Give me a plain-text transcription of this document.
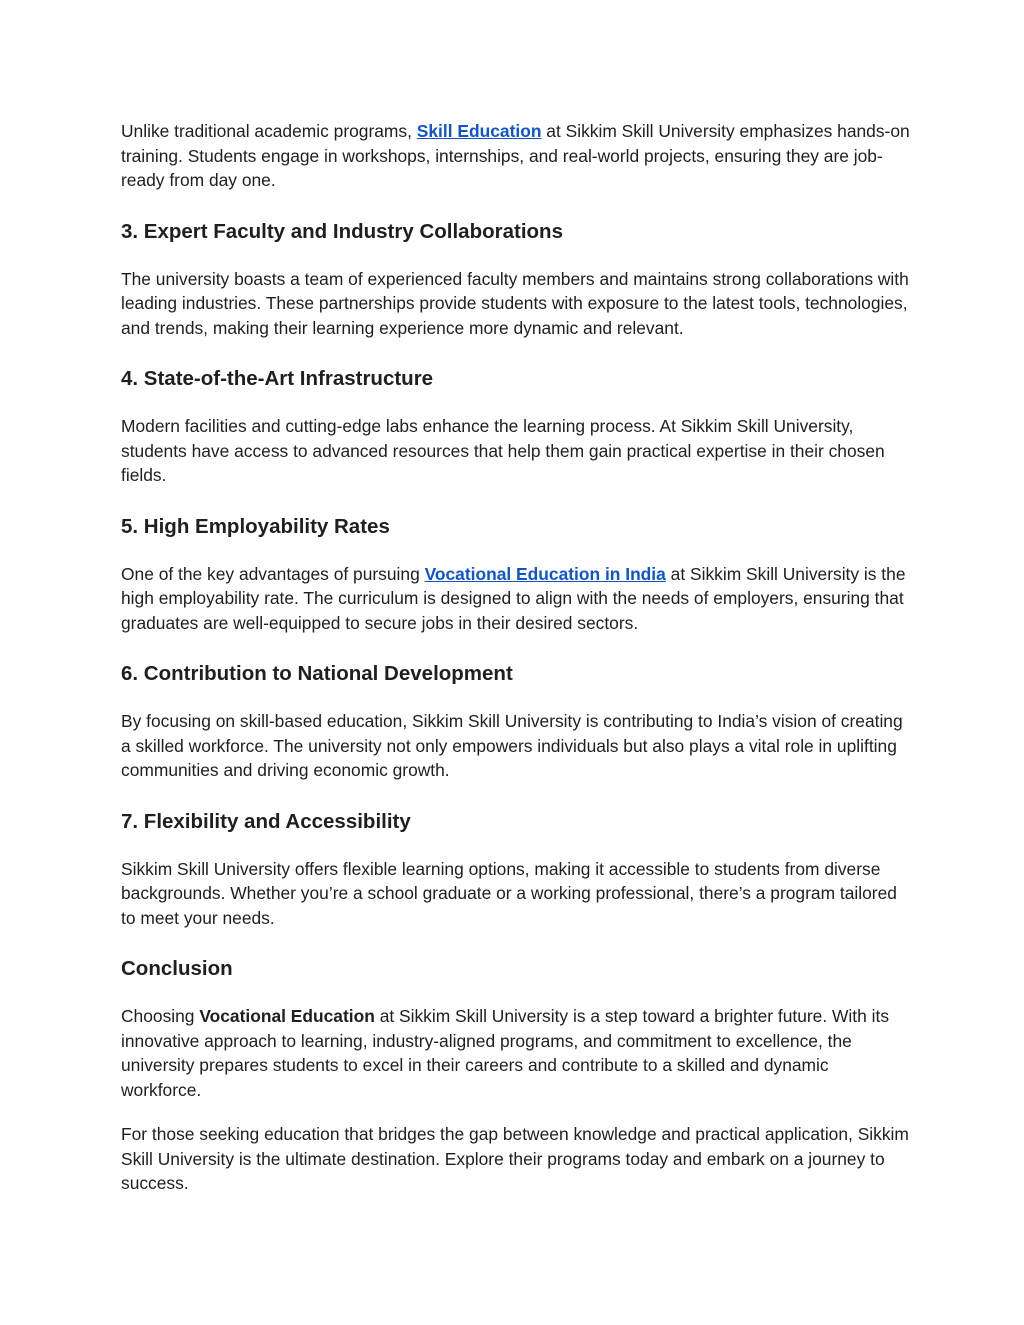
Unlike traditional academic programs, Skill Education at Sikkim Skill University emphasizes hands-on training. Students engage in workshops, internships, and real-world projects, ensuring they are job-ready from day one.

3. Expert Faculty and Industry Collaborations

The university boasts a team of experienced faculty members and maintains strong collaborations with leading industries. These partnerships provide students with exposure to the latest tools, technologies, and trends, making their learning experience more dynamic and relevant.

4. State-of-the-Art Infrastructure

Modern facilities and cutting-edge labs enhance the learning process. At Sikkim Skill University, students have access to advanced resources that help them gain practical expertise in their chosen fields.

5. High Employability Rates

One of the key advantages of pursuing Vocational Education in India at Sikkim Skill University is the high employability rate. The curriculum is designed to align with the needs of employers, ensuring that graduates are well-equipped to secure jobs in their desired sectors.

6. Contribution to National Development

By focusing on skill-based education, Sikkim Skill University is contributing to India’s vision of creating a skilled workforce. The university not only empowers individuals but also plays a vital role in uplifting communities and driving economic growth.

7. Flexibility and Accessibility

Sikkim Skill University offers flexible learning options, making it accessible to students from diverse backgrounds. Whether you’re a school graduate or a working professional, there’s a program tailored to meet your needs.

Conclusion

Choosing Vocational Education at Sikkim Skill University is a step toward a brighter future. With its innovative approach to learning, industry-aligned programs, and commitment to excellence, the university prepares students to excel in their careers and contribute to a skilled and dynamic workforce.

For those seeking education that bridges the gap between knowledge and practical application, Sikkim Skill University is the ultimate destination. Explore their programs today and embark on a journey to success.
